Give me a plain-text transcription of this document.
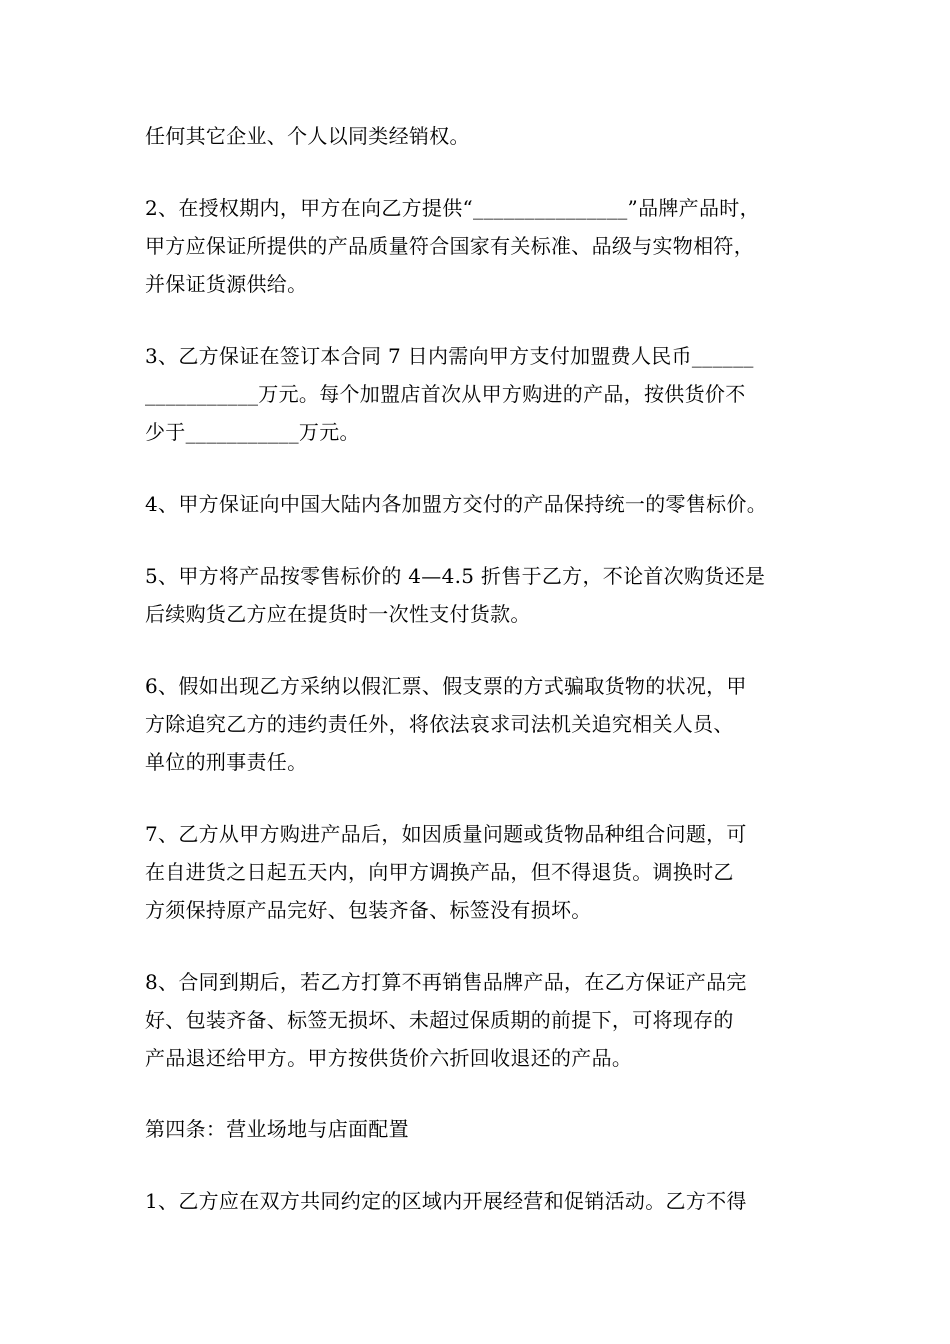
任何其它企业、个人以同类经销权。
2、在授权期内，甲方在向乙方提供“_______________”品牌产品时，
甲方应保证所提供的产品质量符合国家有关标准、品级与实物相符，
并保证货源供给。
3、乙方保证在签订本合同 7 日内需向甲方支付加盟费人民币______
___________万元。每个加盟店首次从甲方购进的产品，按供货价不
少于___________万元。
4、甲方保证向中国大陆内各加盟方交付的产品保持统一的零售标价。
5、甲方将产品按零售标价的 4—4.5 折售于乙方，不论首次购货还是
后续购货乙方应在提货时一次性支付货款。
6、假如出现乙方采纳以假汇票、假支票的方式骗取货物的状况，甲
方除追究乙方的违约责任外，将依法哀求司法机关追究相关人员、
单位的刑事责任。
7、乙方从甲方购进产品后，如因质量问题或货物品种组合问题，可
在自进货之日起五天内，向甲方调换产品，但不得退货。调换时乙
方须保持原产品完好、包装齐备、标签没有损坏。
8、合同到期后，若乙方打算不再销售品牌产品，在乙方保证产品完
好、包装齐备、标签无损坏、未超过保质期的前提下，可将现存的
产品退还给甲方。甲方按供货价六折回收退还的产品。
第四条：营业场地与店面配置
1、乙方应在双方共同约定的区域内开展经营和促销活动。乙方不得
